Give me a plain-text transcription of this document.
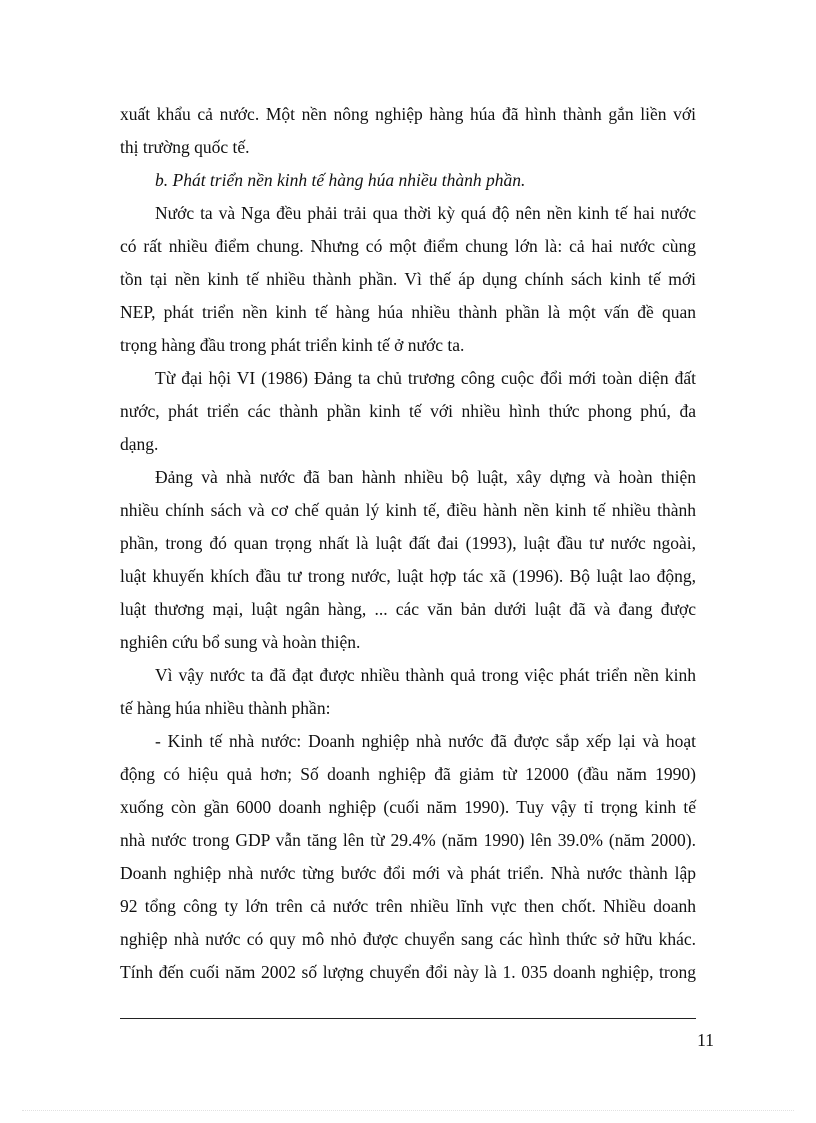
xuất khẩu cả nước. Một nền nông nghiệp hàng húa đã hình thành gắn liền với
thị trường quốc tế.
b. Phát triển nền kinh tế hàng húa nhiều thành phần.
Nước ta và Nga đều phải trải qua thời kỳ quá độ nên nền kinh tế hai nước
có rất nhiều điểm chung. Nhưng có một điểm chung lớn là: cả hai nước cùng
tồn tại nền kinh tế nhiều thành phần. Vì thế áp dụng chính sách kinh tế mới
NEP, phát triển nền kinh tế hàng húa nhiều thành phần là một vấn đề quan
trọng hàng đầu trong phát triển kinh tế ở nước ta.
Từ đại hội VI (1986) Đảng ta chủ trương công cuộc đổi mới toàn diện đất
nước, phát triển các thành phần kinh tế với nhiều hình thức phong phú, đa
dạng.
Đảng và nhà nước đã ban hành nhiều bộ luật, xây dựng và hoàn thiện
nhiều chính sách và cơ chế quản lý kinh tế, điều hành nền kinh tế nhiều thành
phần, trong đó quan trọng nhất là luật đất đai (1993), luật đầu tư nước ngoài,
luật khuyến khích đầu tư trong nước, luật hợp tác xã (1996). Bộ luật lao động,
luật thương mại, luật ngân hàng, ... các văn bản dưới luật đã và đang được
nghiên cứu bổ sung và hoàn thiện.
Vì vậy nước ta đã đạt được nhiều thành quả trong việc phát triển nền kinh
tế hàng húa nhiều thành phần:
- Kinh tế nhà nước: Doanh nghiệp nhà nước đã được sắp xếp lại và hoạt
động có hiệu quả hơn; Số doanh nghiệp đã giảm từ 12000 (đầu năm 1990)
xuống còn gần 6000 doanh nghiệp (cuối năm 1990). Tuy vậy tỉ trọng kinh tế
nhà nước trong GDP vẫn tăng lên từ 29.4% (năm 1990) lên 39.0% (năm 2000).
Doanh nghiệp nhà nước từng bước đổi mới và phát triển. Nhà nước thành lập
92 tổng công ty lớn trên cả nước trên nhiều lĩnh vực then chốt. Nhiều doanh
nghiệp nhà nước có quy mô nhỏ được chuyển sang các hình thức sở hữu khác.
Tính đến cuối năm 2002 số lượng chuyển đổi này là 1. 035 doanh nghiệp, trong
11
